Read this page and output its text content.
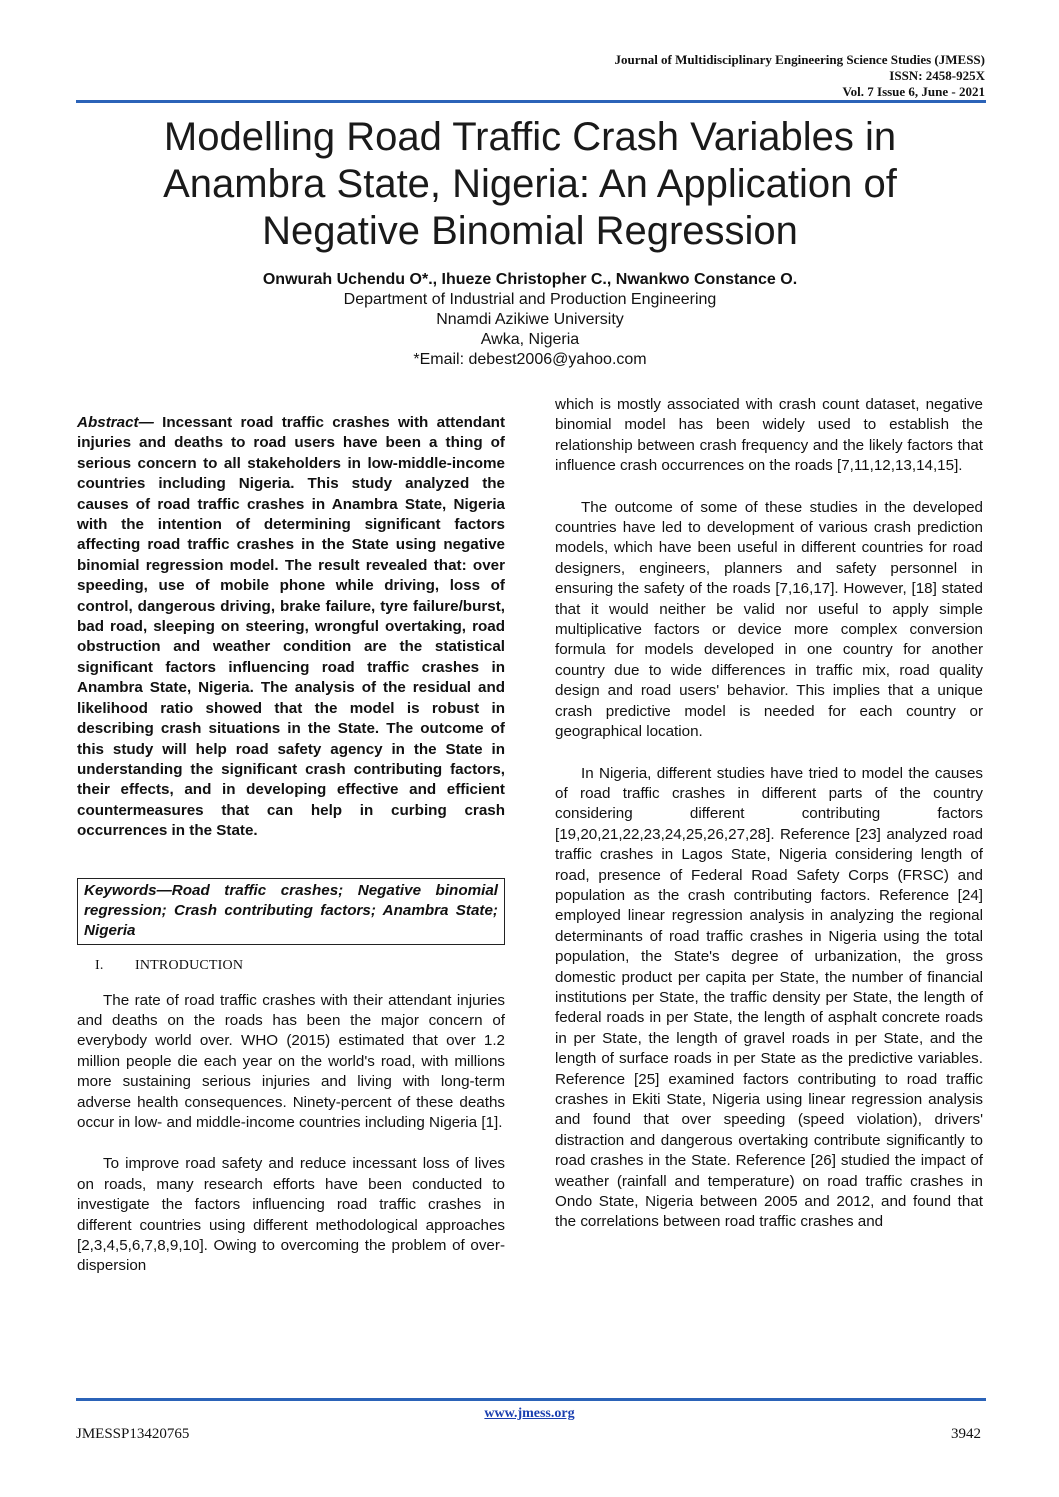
Journal of Multidisciplinary Engineering Science Studies (JMESS)
ISSN: 2458-925X
Vol. 7 Issue 6, June - 2021
Modelling Road Traffic Crash Variables in
Anambra State, Nigeria: An Application of
Negative Binomial Regression
Onwurah Uchendu O*., Ihueze Christopher C., Nwankwo Constance O.
Department of Industrial and Production Engineering
Nnamdi Azikiwe University
Awka, Nigeria
*Email: debest2006@yahoo.com

Abstract— Incessant road traffic crashes with attendant injuries and deaths to road users have been a thing of serious concern to all stakeholders in low-middle-income countries including Nigeria. This study analyzed the causes of road traffic crashes in Anambra State, Nigeria with the intention of determining significant factors affecting road traffic crashes in the State using negative binomial regression model. The result revealed that: over speeding, use of mobile phone while driving, loss of control, dangerous driving, brake failure, tyre failure/burst, bad road, sleeping on steering, wrongful overtaking, road obstruction and weather condition are the statistical significant factors influencing road traffic crashes in Anambra State, Nigeria. The analysis of the residual and likelihood ratio showed that the model is robust in describing crash situations in the State. The outcome of this study will help road safety agency in the State in understanding the significant crash contributing factors, their effects, and in developing effective and efficient countermeasures that can help in curbing crash occurrences in the State.

Keywords—Road traffic crashes; Negative binomial regression; Crash contributing factors; Anambra State; Nigeria
I. INTRODUCTION

The rate of road traffic crashes with their attendant injuries and deaths on the roads has been the major concern of everybody world over. WHO (2015) estimated that over 1.2 million people die each year on the world's road, with millions more sustaining serious injuries and living with long-term adverse health consequences. Ninety-percent of these deaths occur in low- and middle-income countries including Nigeria [1].

To improve road safety and reduce incessant loss of lives on roads, many research efforts have been conducted to investigate the factors influencing road traffic crashes in different countries using different methodological approaches [2,3,4,5,6,7,8,9,10]. Owing to overcoming the problem of over-dispersion

which is mostly associated with crash count dataset, negative binomial model has been widely used to establish the relationship between crash frequency and the likely factors that influence crash occurrences on the roads [7,11,12,13,14,15].

The outcome of some of these studies in the developed countries have led to development of various crash prediction models, which have been useful in different countries for road designers, engineers, planners and safety personnel in ensuring the safety of the roads [7,16,17]. However, [18] stated that it would neither be valid nor useful to apply simple multiplicative factors or device more complex conversion formula for models developed in one country for another country due to wide differences in traffic mix, road quality design and road users' behavior. This implies that a unique crash predictive model is needed for each country or geographical location.

In Nigeria, different studies have tried to model the causes of road traffic crashes in different parts of the country considering different contributing factors [19,20,21,22,23,24,25,26,27,28]. Reference [23] analyzed road traffic crashes in Lagos State, Nigeria considering length of road, presence of Federal Road Safety Corps (FRSC) and population as the crash contributing factors. Reference [24] employed linear regression analysis in analyzing the regional determinants of road traffic crashes in Nigeria using the total population, the State's degree of urbanization, the gross domestic product per capita per State, the number of financial institutions per State, the traffic density per State, the length of federal roads in per State, the length of asphalt concrete roads in per State, the length of gravel roads in per State, and the length of surface roads in per State as the predictive variables. Reference [25] examined factors contributing to road traffic crashes in Ekiti State, Nigeria using linear regression analysis and found that over speeding (speed violation), drivers' distraction and dangerous overtaking contribute significantly to road crashes in the State. Reference [26] studied the impact of weather (rainfall and temperature) on road traffic crashes in Ondo State, Nigeria between 2005 and 2012, and found that the correlations between road traffic crashes and

www.jmess.org
JMESSP13420765	3942
